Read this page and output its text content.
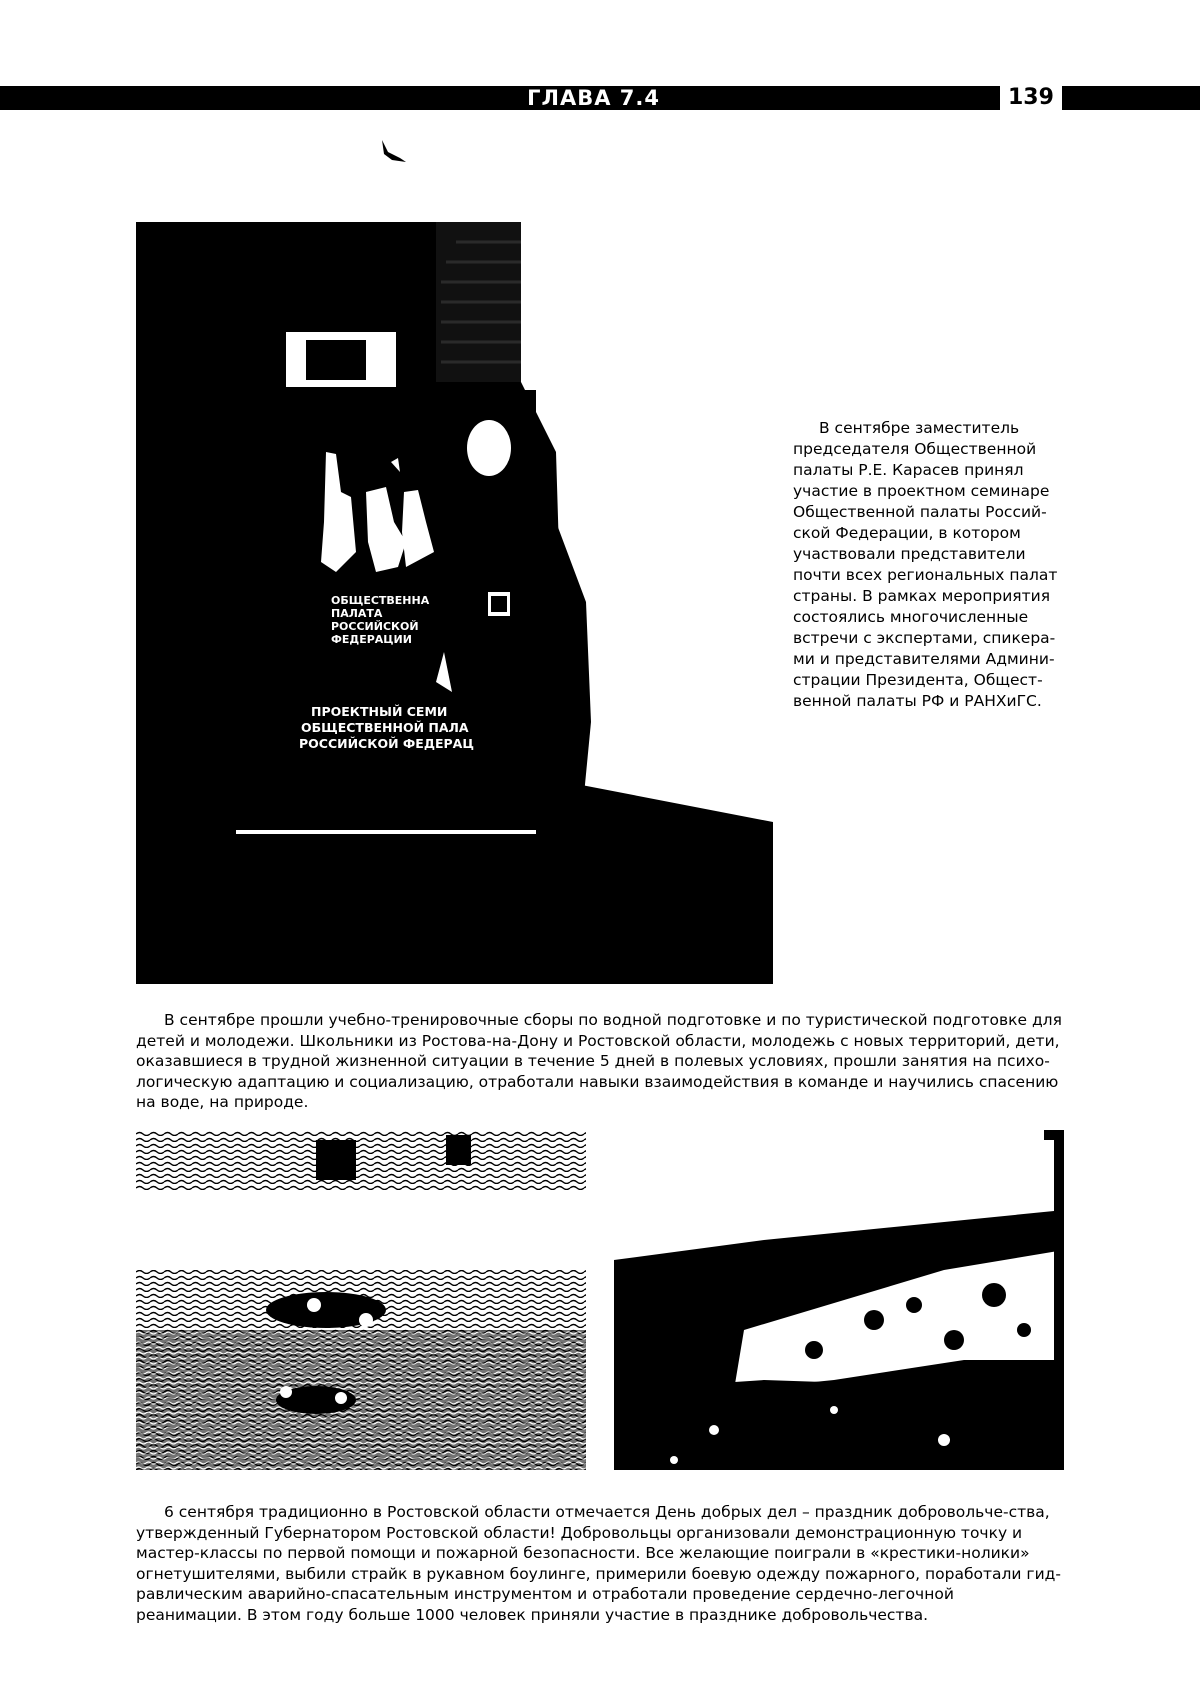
ГЛАВА 7.4	139
ОБЩЕСТВЕННА
ПАЛАТА
РОССИЙСКОЙ
ФЕДЕРАЦИИ
ПРОЕКТНЫЙ СЕМИ
ОБЩЕСТВЕННОЙ ПАЛА
РОССИЙСКОЙ ФЕДЕРАЦ
В сентябре заместитель председателя Общественной палаты Р.Е. Карасев принял участие в проектном семинаре Общественной палаты Россий-ской Федерации, в котором участвовали представители почти всех региональных палат страны. В рамках мероприятия состоялись многочисленные встречи с экспертами, спикера-ми и представителями Админи-страции Президента, Общест-венной палаты РФ и РАНХиГС.

В сентябре прошли учебно-тренировочные сборы по водной подготовке и по туристической подготовке для детей и молодежи. Школьники из Ростова-на-Дону и Ростовской области, молодежь с новых территорий, дети, оказавшиеся в трудной жизненной ситуации в течение 5 дней в полевых условиях, прошли занятия на психо-логическую адаптацию и социализацию, отработали навыки взаимодействия в команде и научились спасению на воде, на природе.

6 сентября традиционно в Ростовской области отмечается День добрых дел – праздник добровольче-ства, утвержденный Губернатором Ростовской области! Добровольцы организовали демонстрационную точку и мастер-классы по первой помощи и пожарной безопасности. Все желающие поиграли в «крестики-нолики» огнетушителями, выбили страйк в рукавном боулинге, примерили боевую одежду пожарного, поработали гид-равлическим аварийно-спасательным инструментом и отработали проведение сердечно-легочной реанимации. В этом году больше 1000 человек приняли участие в празднике добровольчества.
